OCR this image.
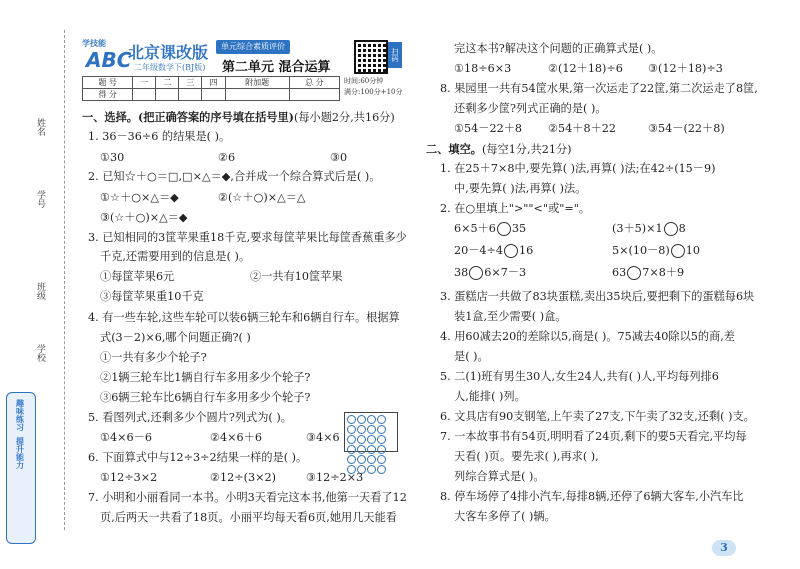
姓名
学号
班级
学校
趣味练习
提升能力
学技能
ABC
北京课改版
二年级数学下(BJ版)
单元综合素质评价
第二单元 混合运算
扫码
题 号	一	二	三	四	附加题	总 分
得 分						
时间:60分钟
满分:100分+10分
一、选择。(把正确答案的序号填在括号里)(每小题2分,共16分)
1. 36－36÷6 的结果是( )。
①30	②6	③0
2. 已知☆＋○＝□,□×△＝◆,合并成一个综合算式后是( )。
①☆＋○×△＝◆	②(☆＋○)×△＝△
③(☆＋○)×△＝◆
3. 已知相同的3筐苹果重18千克,要求每筐苹果比每筐香蕉重多少
千克,还需要用到的信息是( )。
①每筐苹果6元	②一共有10筐苹果
③每筐苹果重10千克
4. 有一些车轮,这些车轮可以装6辆三轮车和6辆自行车。根据算
式(3－2)×6,哪个问题正确?( )
①一共有多少个轮子?
②1辆三轮车比1辆自行车多用多少个轮子?
③6辆三轮车比6辆自行车多用多少个轮子?
5. 看图列式,还剩多少个圆片?列式为( )。
①4×6－6	②4×6＋6	③4×6
6. 下面算式中与12÷3÷2结果一样的是( )。
①12÷3×2	②12÷(3×2)	③12÷2×3
7. 小明和小丽看同一本书。小明3天看完这本书,他第一天看了12
页,后两天一共看了18页。小丽平均每天看6页,她用几天能看
完这本书?解决这个问题的正确算式是( )。
①18÷6×3	②(12＋18)÷6 ③(12＋18)÷3
8. 果园里一共有54筐水果,第一次运走了22筐,第二次运走了8筐,
还剩多少筐?列式正确的是( )。
①54－22＋8 ②54＋8＋22	③54－(22＋8)
二、填空。(每空1分,共21分)
1. 在25＋7×8中,要先算( )法,再算( )法;在42÷(15－9)
中,要先算( )法,再算( )法。
2. 在○里填上">""<"或"="。
6×5＋6 35	(3＋5)×1 8
20－4÷4 16	5×(10－8) 10
38 6×7－3	63 7×8＋9
3. 蛋糕店一共做了83块蛋糕,卖出35块后,要把剩下的蛋糕每6块
装1盒,至少需要( )盒。
4. 用60减去20的差除以5,商是( )。75减去40除以5的商,差
是( )。
5. 二(1)班有男生30人,女生24人,共有( )人,平均每列排6
人,能排( )列。
6. 文具店有90支钢笔,上午卖了27支,下午卖了32支,还剩( )支。
7. 一本故事书有54页,明明看了24页,剩下的要5天看完,平均每
天看( )页。要先求( ),再求( ),
列综合算式是( )。
8. 停车场停了4排小汽车,每排8辆,还停了6辆大客车,小汽车比
大客车多停了( )辆。
3
